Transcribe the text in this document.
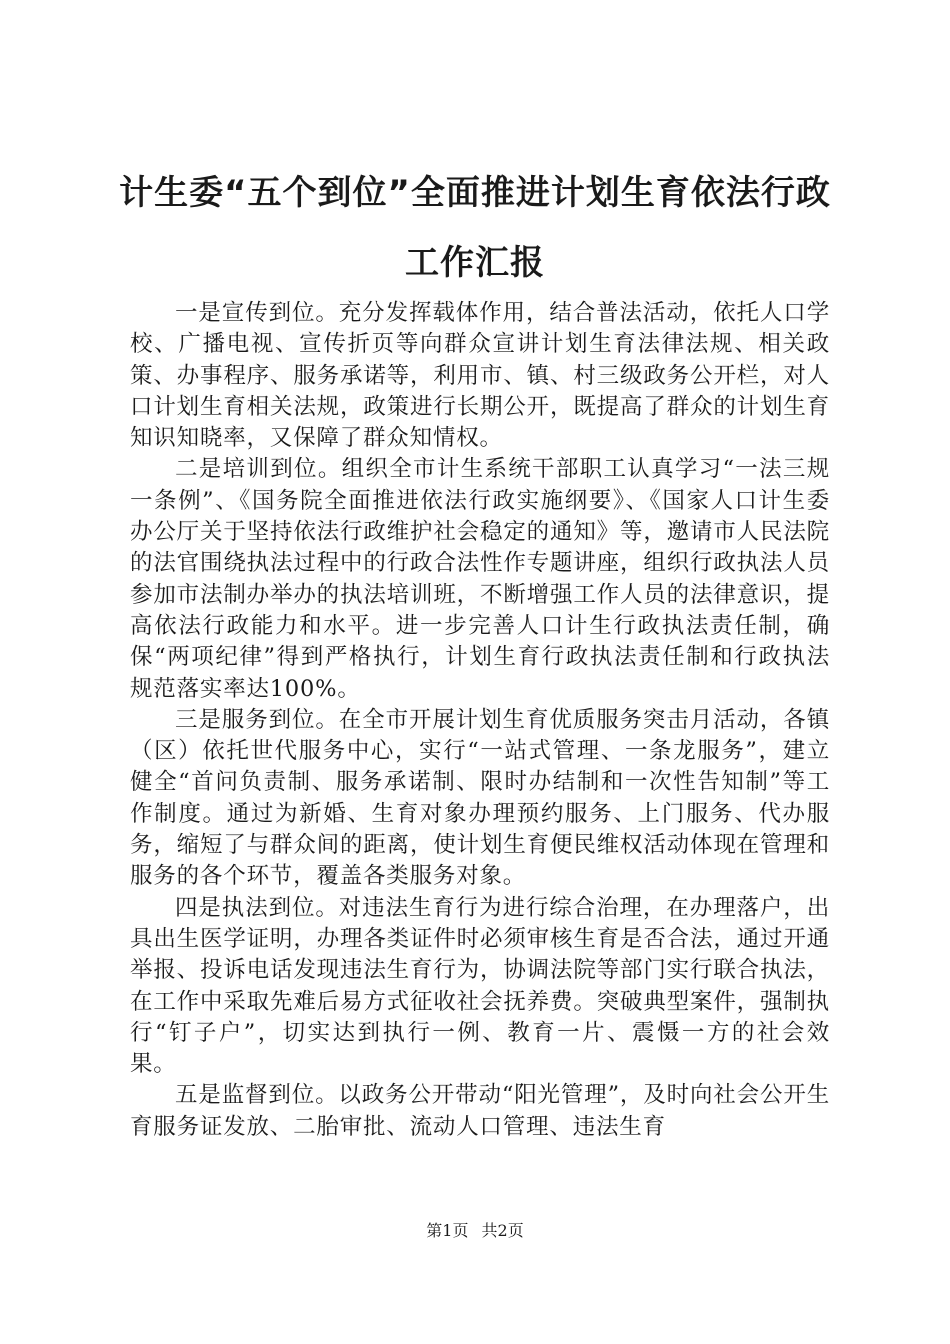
计生委“五个到位”全面推进计划生育依法行政工作汇报

一是宣传到位。充分发挥载体作用，结合普法活动，依托人口学校、广播电视、宣传折页等向群众宣讲计划生育法律法规、相关政策、办事程序、服务承诺等，利用市、镇、村三级政务公开栏，对人口计划生育相关法规，政策进行长期公开，既提高了群众的计划生育知识知晓率，又保障了群众知情权。

二是培训到位。组织全市计生系统干部职工认真学习“一法三规一条例”、《国务院全面推进依法行政实施纲要》、《国家人口计生委办公厅关于坚持依法行政维护社会稳定的通知》等，邀请市人民法院的法官围绕执法过程中的行政合法性作专题讲座，组织行政执法人员参加市法制办举办的执法培训班，不断增强工作人员的法律意识，提高依法行政能力和水平。进一步完善人口计生行政执法责任制，确保“两项纪律”得到严格执行，计划生育行政执法责任制和行政执法规范落实率达100%。

三是服务到位。在全市开展计划生育优质服务突击月活动，各镇（区）依托世代服务中心，实行“一站式管理、一条龙服务”，建立健全“首问负责制、服务承诺制、限时办结制和一次性告知制”等工作制度。通过为新婚、生育对象办理预约服务、上门服务、代办服务，缩短了与群众间的距离，使计划生育便民维权活动体现在管理和服务的各个环节，覆盖各类服务对象。

四是执法到位。对违法生育行为进行综合治理，在办理落户，出具出生医学证明，办理各类证件时必须审核生育是否合法，通过开通举报、投诉电话发现违法生育行为，协调法院等部门实行联合执法，在工作中采取先难后易方式征收社会抚养费。突破典型案件，强制执行“钉子户”，切实达到执行一例、教育一片、震慑一方的社会效果。

五是监督到位。以政务公开带动“阳光管理”，及时向社会公开生育服务证发放、二胎审批、流动人口管理、违法生育

第1页 共2页
